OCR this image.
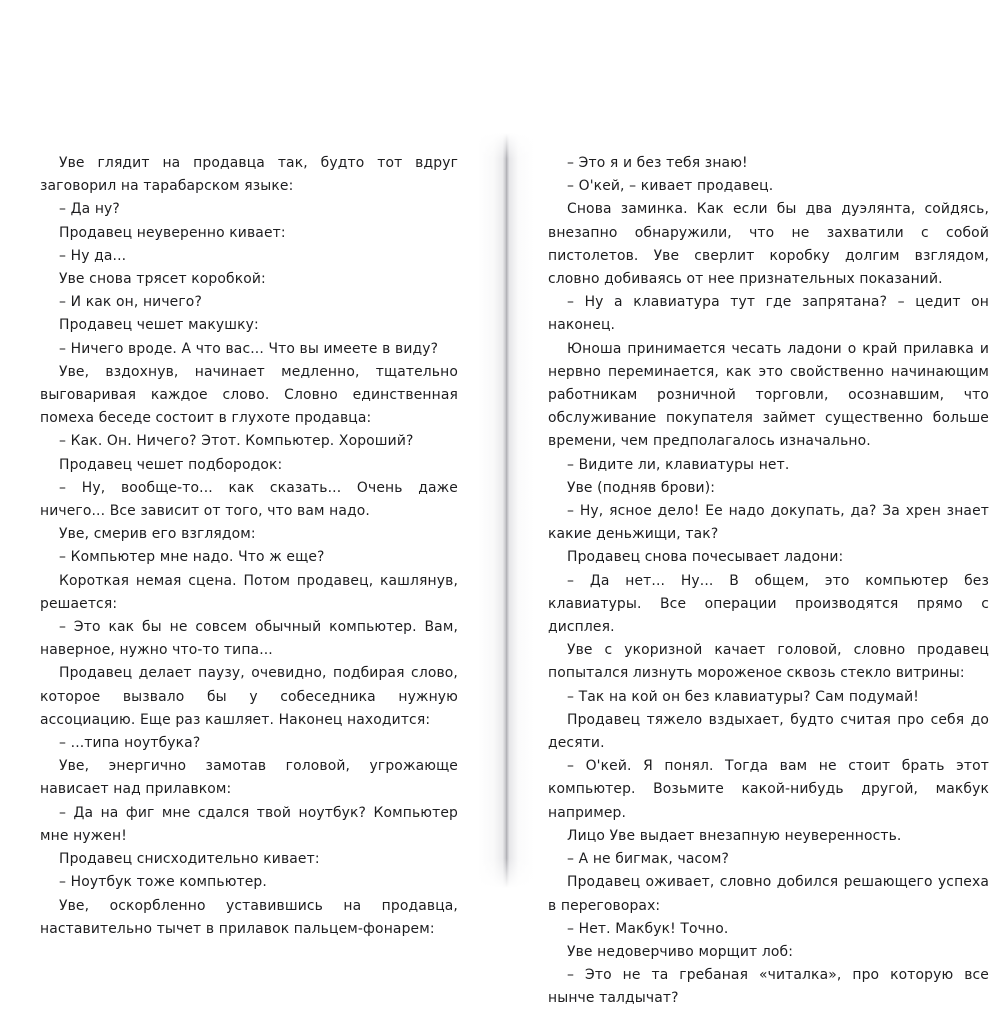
Уве глядит на продавца так, будто тот вдруг заговорил на тарабарском языке:

– Да ну?

Продавец неуверенно кивает:

– Ну да...

Уве снова трясет коробкой:

– И как он, ничего?

Продавец чешет макушку:

– Ничего вроде. А что вас... Что вы имеете в виду?

Уве, вздохнув, начинает медленно, тщательно выговаривая каждое слово. Словно единственная помеха беседе состоит в глухоте продавца:

– Как. Он. Ничего? Этот. Компьютер. Хороший?

Продавец чешет подбородок:

– Ну, вообще-то... как сказать... Очень даже ничего... Все зависит от того, что вам надо.

Уве, смерив его взглядом:

– Компьютер мне надо. Что ж еще?

Короткая немая сцена. Потом продавец, кашлянув, решается:

– Это как бы не совсем обычный компьютер. Вам, наверное, нужно что-то типа...

Продавец делает паузу, очевидно, подбирая слово, которое вызвало бы у собеседника нужную ассоциацию. Еще раз кашляет. Наконец находится:

– ...типа ноутбука?

Уве, энергично замотав головой, угрожающе нависает над прилавком:

– Да на фиг мне сдался твой ноутбук? Компьютер мне нужен!

Продавец снисходительно кивает:

– Ноутбук тоже компьютер.

Уве, оскорбленно уставившись на продавца, наставительно тычет в прилавок пальцем-фонарем:

– Это я и без тебя знаю!

– О'кей, – кивает продавец.

Снова заминка. Как если бы два дуэлянта, сойдясь, внезапно обнаружили, что не захватили с собой пистолетов. Уве сверлит коробку долгим взглядом, словно добиваясь от нее признательных показаний.

– Ну а клавиатура тут где запрятана? – цедит он наконец.

Юноша принимается чесать ладони о край прилавка и нервно переминается, как это свойственно начинающим работникам розничной торговли, осознавшим, что обслуживание покупателя займет существенно больше времени, чем предполагалось изначально.

– Видите ли, клавиатуры нет.

Уве (подняв брови):

– Ну, ясное дело! Ее надо докупать, да? За хрен знает какие деньжищи, так?

Продавец снова почесывает ладони:

– Да нет... Ну... В общем, это компьютер без клавиатуры. Все операции производятся прямо с дисплея.

Уве с укоризной качает головой, словно продавец попытался лизнуть мороженое сквозь стекло витрины:

– Так на кой он без клавиатуры? Сам подумай!

Продавец тяжело вздыхает, будто считая про себя до десяти.

– О'кей. Я понял. Тогда вам не стоит брать этот компьютер. Возьмите какой-нибудь другой, макбук например.

Лицо Уве выдает внезапную неуверенность.

– А не бигмак, часом?

Продавец оживает, словно добился решающего успеха в переговорах:

– Нет. Макбук! Точно.

Уве недоверчиво морщит лоб:

– Это не та гребаная «читалка», про которую все нынче талдычат?
